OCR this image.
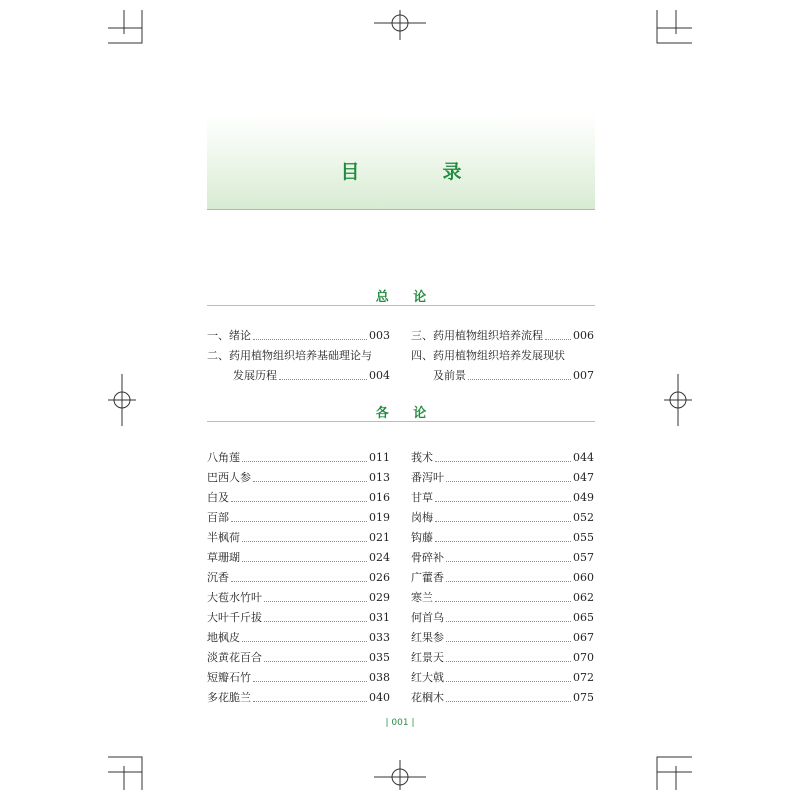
目　录
总 论
一、绪论	003
二、药用植物组织培养基础理论与
发展历程	004
三、药用植物组织培养流程	006
四、药用植物组织培养发展现状
及前景	007
各 论
八角莲	011
巴西人参	013
白及	016
百部	019
半枫荷	021
草珊瑚	024
沉香	026
大苞水竹叶	029
大叶千斤拔	031
地枫皮	033
淡黄花百合	035
短瓣石竹	038
多花脆兰	040
莪术	044
番泻叶	047
甘草	049
岗梅	052
钩藤	055
骨碎补	057
广藿香	060
寒兰	062
何首乌	065
红果参	067
红景天	070
红大戟	072
花榈木	075
| 001 |
